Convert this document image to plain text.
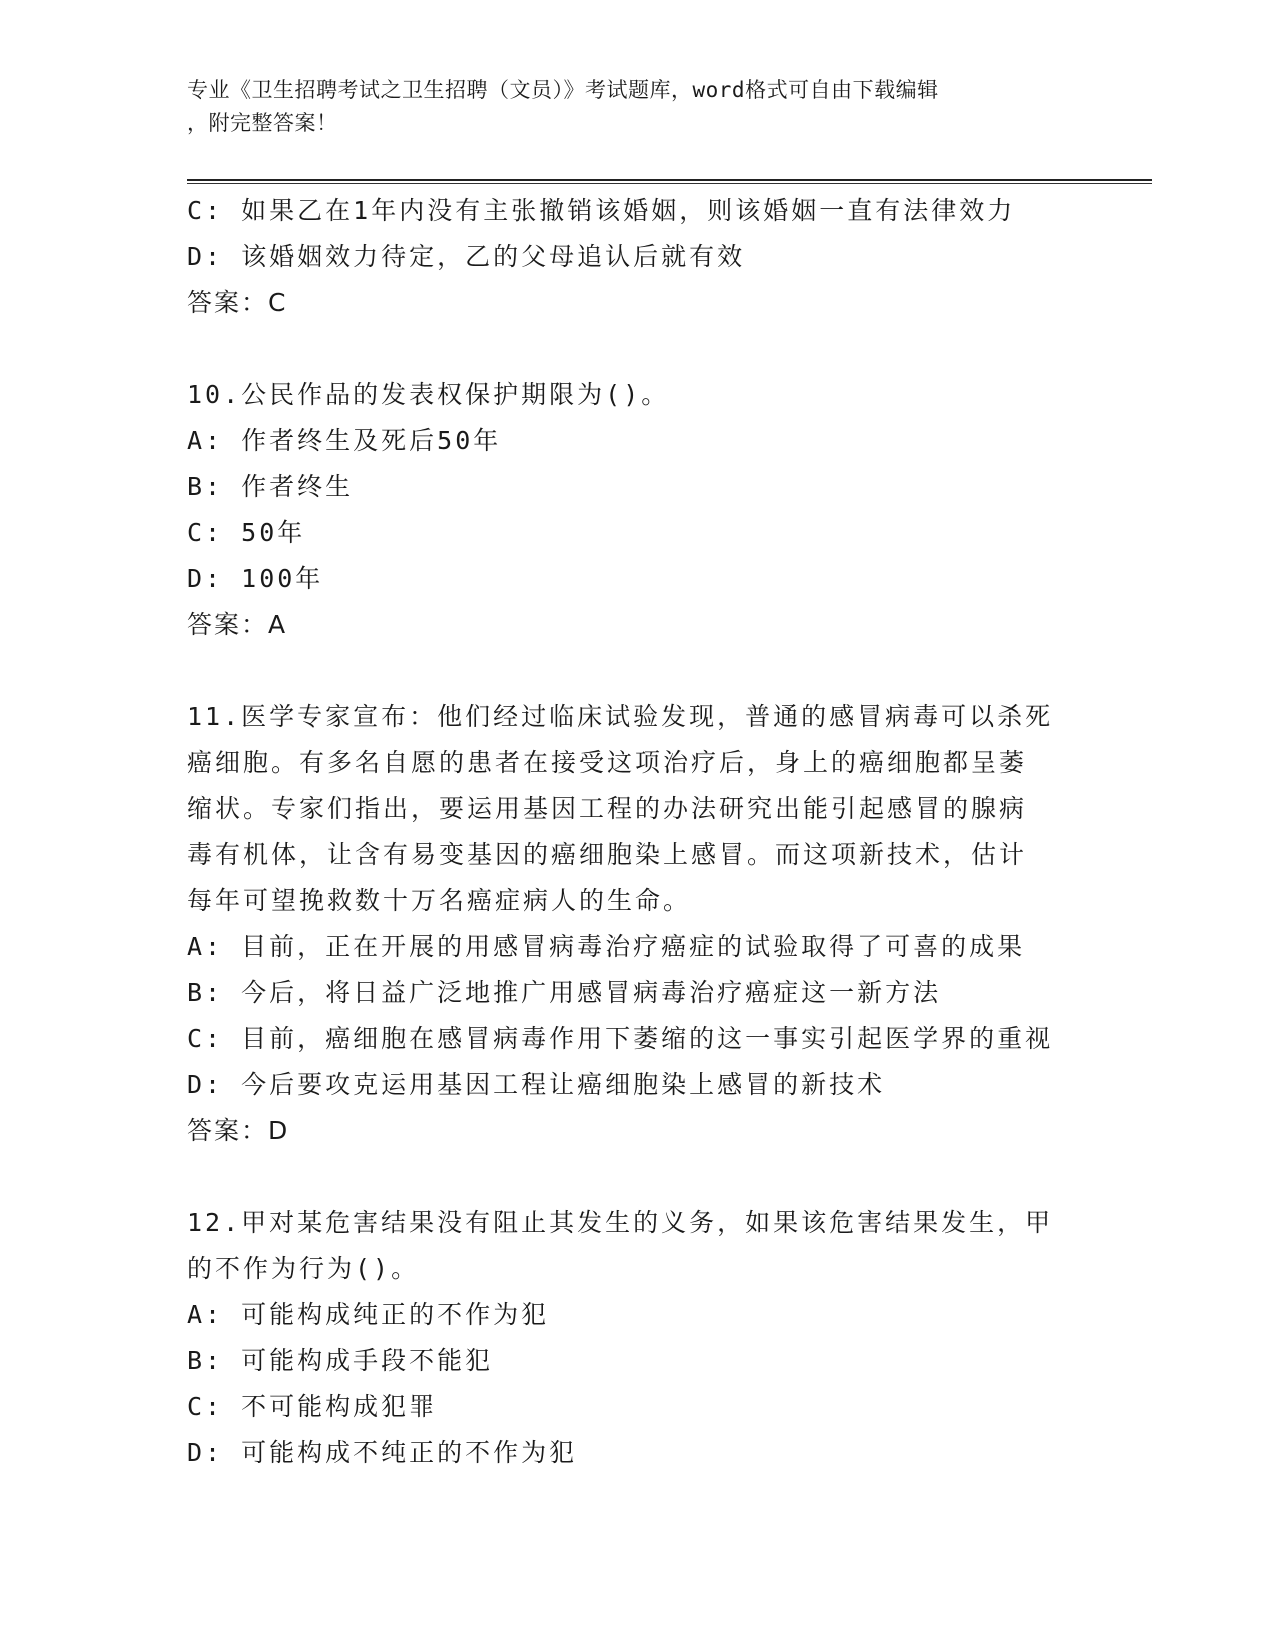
专业《卫生招聘考试之卫生招聘（文员）》考试题库，word格式可自由下载编辑
，附完整答案！
C: 如果乙在1年内没有主张撤销该婚姻，则该婚姻一直有法律效力
D: 该婚姻效力待定，乙的父母追认后就有效
答案：C
10.公民作品的发表权保护期限为()。
A: 作者终生及死后50年
B: 作者终生
C: 50年
D: 100年
答案：A
11.医学专家宣布：他们经过临床试验发现，普通的感冒病毒可以杀死
癌细胞。有多名自愿的患者在接受这项治疗后，身上的癌细胞都呈萎
缩状。专家们指出，要运用基因工程的办法研究出能引起感冒的腺病
毒有机体，让含有易变基因的癌细胞染上感冒。而这项新技术，估计
每年可望挽救数十万名癌症病人的生命。
A: 目前，正在开展的用感冒病毒治疗癌症的试验取得了可喜的成果
B: 今后，将日益广泛地推广用感冒病毒治疗癌症这一新方法
C: 目前，癌细胞在感冒病毒作用下萎缩的这一事实引起医学界的重视
D: 今后要攻克运用基因工程让癌细胞染上感冒的新技术
答案：D
12.甲对某危害结果没有阻止其发生的义务，如果该危害结果发生，甲
的不作为行为()。
A: 可能构成纯正的不作为犯
B: 可能构成手段不能犯
C: 不可能构成犯罪
D: 可能构成不纯正的不作为犯
